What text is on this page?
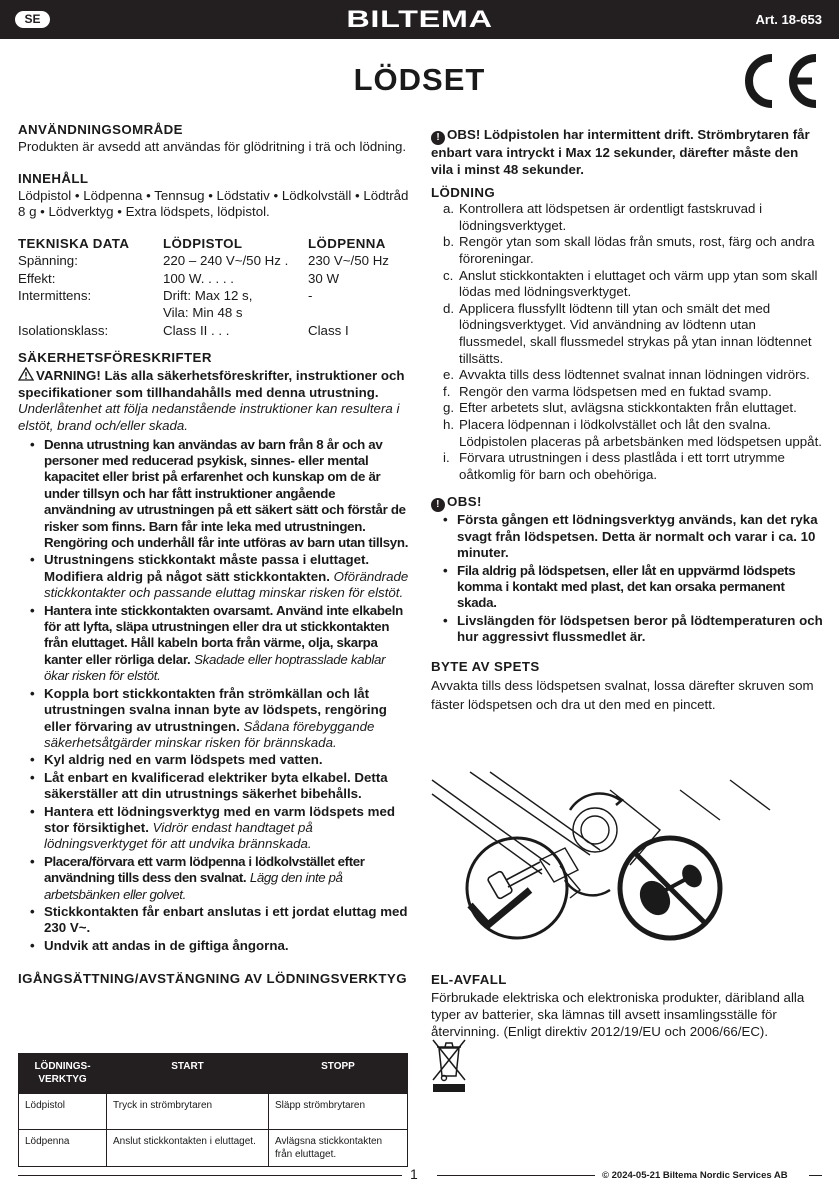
SE	BILTEMA	Art. 18-653
LÖDSET
ANVÄNDNINGSOMRÅDE
Produkten är avsedd att användas för glödritning i trä och lödning.
INNEHÅLL
Lödpistol • Lödpenna • Tennsug • Lödstativ • Lödkolvställ • Lödtråd 8 g • Lödverktyg • Extra lödspets, lödpistol.
TEKNISKA DATA	LÖDPISTOL	LÖDPENNA
Spänning:	220 – 240 V~/50 Hz .	230 V~/50 Hz
Effekt:	100 W. . . . .	30 W
Intermittens:	Drift: Max 12 s,	-
Vila: Min 48 s
Isolationsklass:	Class II . . .	Class I
SÄKERHETSFÖRESKRIFTER
VARNING! Läs alla säkerhetsföreskrifter, instruktioner och specifikationer som tillhandahålls med denna utrustning. Underlåtenhet att följa nedanstående instruktioner kan resultera i elstöt, brand och/eller skada.
• Denna utrustning kan användas av barn från 8 år och av personer med reducerad psykisk, sinnes- eller mental kapacitet eller brist på erfarenhet och kunskap om de är under tillsyn och har fått instruktioner angående användning av utrustningen på ett säkert sätt och förstår de risker som finns. Barn får inte leka med utrustningen. Rengöring och underhåll får inte utföras av barn utan tillsyn.
• Utrustningens stickkontakt måste passa i eluttaget. Modifiera aldrig på något sätt stickkontakten. Oförändrade stickkontakter och passande eluttag minskar risken för elstöt.
• Hantera inte stickkontakten ovarsamt. Använd inte elkabeln för att lyfta, släpa utrustningen eller dra ut stickkontakten från eluttaget. Håll kabeln borta från värme, olja, skarpa kanter eller rörliga delar. Skadade eller hoptrasslade kablar ökar risken för elstöt.
• Koppla bort stickkontakten från strömkällan och låt utrustningen svalna innan byte av lödspets, rengöring eller förvaring av utrustningen. Sådana förebyggande säkerhetsåtgärder minskar risken för brännskada.
• Kyl aldrig ned en varm lödspets med vatten.
• Låt enbart en kvalificerad elektriker byta elkabel. Detta säkerställer att din utrustnings säkerhet bibehålls.
• Hantera ett lödningsverktyg med en varm lödspets med stor försiktighet. Vidrör endast handtaget på lödningsverktyget för att undvika brännskada.
• Placera/förvara ett varm lödpenna i lödkolvstället efter användning tills dess den svalnat. Lägg den inte på arbetsbänken eller golvet.
• Stickkontakten får enbart anslutas i ett jordat eluttag med 230 V~.
• Undvik att andas in de giftiga ångorna.
IGÅNGSÄTTNING/AVSTÄNGNING AV LÖDNINGSVERKTYG
LÖDNINGS-VERKTYG	START	STOPP
Lödpistol	Tryck in strömbrytaren	Släpp strömbrytaren
Lödpenna	Anslut stickkontakten i eluttaget.	Avlägsna stickkontakten från eluttaget.
! OBS! Lödpistolen har intermittent drift. Strömbrytaren får enbart vara intryckt i Max 12 sekunder, därefter måste den vila i minst 48 sekunder.
LÖDNING
a. Kontrollera att lödspetsen är ordentligt fastskruvad i lödningsverktyget.
b. Rengör ytan som skall lödas från smuts, rost, färg och andra föroreningar.
c. Anslut stickkontakten i eluttaget och värm upp ytan som skall lödas med lödningsverktyget.
d. Applicera flussfyllt lödtenn till ytan och smält det med lödningsverktyget. Vid användning av lödtenn utan flussmedel, skall flussmedel strykas på ytan innan lödtennet tillsätts.
e. Avvakta tills dess lödtennet svalnat innan lödningen vidrörs.
f. Rengör den varma lödspetsen med en fuktad svamp.
g. Efter arbetets slut, avlägsna stickkontakten från eluttaget.
h. Placera lödpennan i lödkolvstället och låt den svalna. Lödpistolen placeras på arbetsbänken med lödspetsen uppåt.
i. Förvara utrustningen i dess plastlåda i ett torrt utrymme oåtkomlig för barn och obehöriga.
! OBS!
• Första gången ett lödningsverktyg används, kan det ryka svagt från lödspetsen. Detta är normalt och varar i ca. 10 minuter.
• Fila aldrig på lödspetsen, eller låt en uppvärmd lödspets komma i kontakt med plast, det kan orsaka permanent skada.
• Livslängden för lödspetsen beror på lödtemperaturen och hur aggressivt flussmedlet är.
BYTE AV SPETS
Avvakta tills dess lödspetsen svalnat, lossa därefter skruven som fäster lödspetsen och dra ut den med en pincett.
EL-AVFALL
Förbrukade elektriska och elektroniska produkter, däribland alla typer av batterier, ska lämnas till avsett insamlingsställe för återvinning. (Enligt direktiv 2012/19/EU och 2006/66/EC).
1	© 2024-05-21 Biltema Nordic Services AB
